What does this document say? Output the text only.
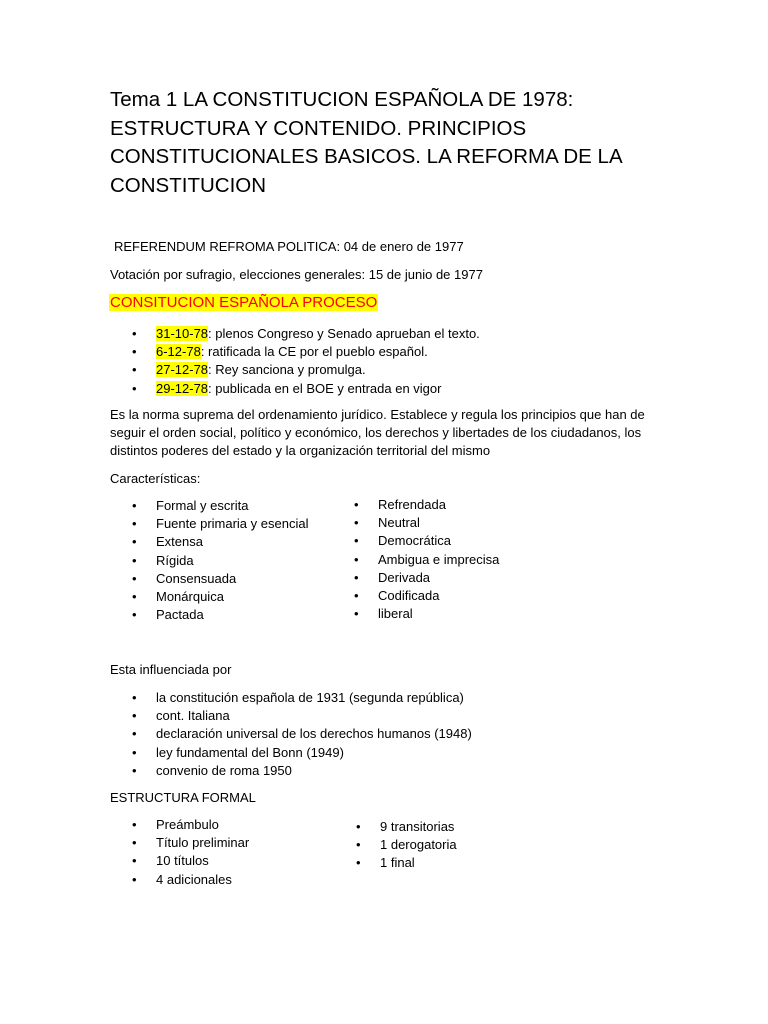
Tema 1 LA CONSTITUCION ESPAÑOLA DE 1978:
ESTRUCTURA Y CONTENIDO. PRINCIPIOS
CONSTITUCIONALES BASICOS. LA REFORMA DE LA
CONSTITUCION
REFERENDUM REFROMA POLITICA: 04 de enero de 1977
Votación por sufragio, elecciones generales: 15 de junio de 1977
CONSITUCION ESPAÑOLA PROCESO
• 31-10-78: plenos Congreso y Senado aprueban el texto.
• 6-12-78: ratificada la CE por el pueblo español.
• 27-12-78: Rey sanciona y promulga.
• 29-12-78: publicada en el BOE y entrada en vigor
Es la norma suprema del ordenamiento jurídico. Establece y regula los principios que han de
seguir el orden social, político y económico, los derechos y libertades de los ciudadanos, los
distintos poderes del estado y la organización territorial del mismo
Características:
• Formal y escrita
• Fuente primaria y esencial
• Extensa
• Rígida
• Consensuada
• Monárquica
• Pactada
• Refrendada
• Neutral
• Democrática
• Ambigua e imprecisa
• Derivada
• Codificada
• liberal
Esta influenciada por
• la constitución española de 1931 (segunda república)
• cont. Italiana
• declaración universal de los derechos humanos (1948)
• ley fundamental del Bonn (1949)
• convenio de roma 1950
ESTRUCTURA FORMAL
• Preámbulo
• Título preliminar
• 10 títulos
• 4 adicionales
• 9 transitorias
• 1 derogatoria
• 1 final
